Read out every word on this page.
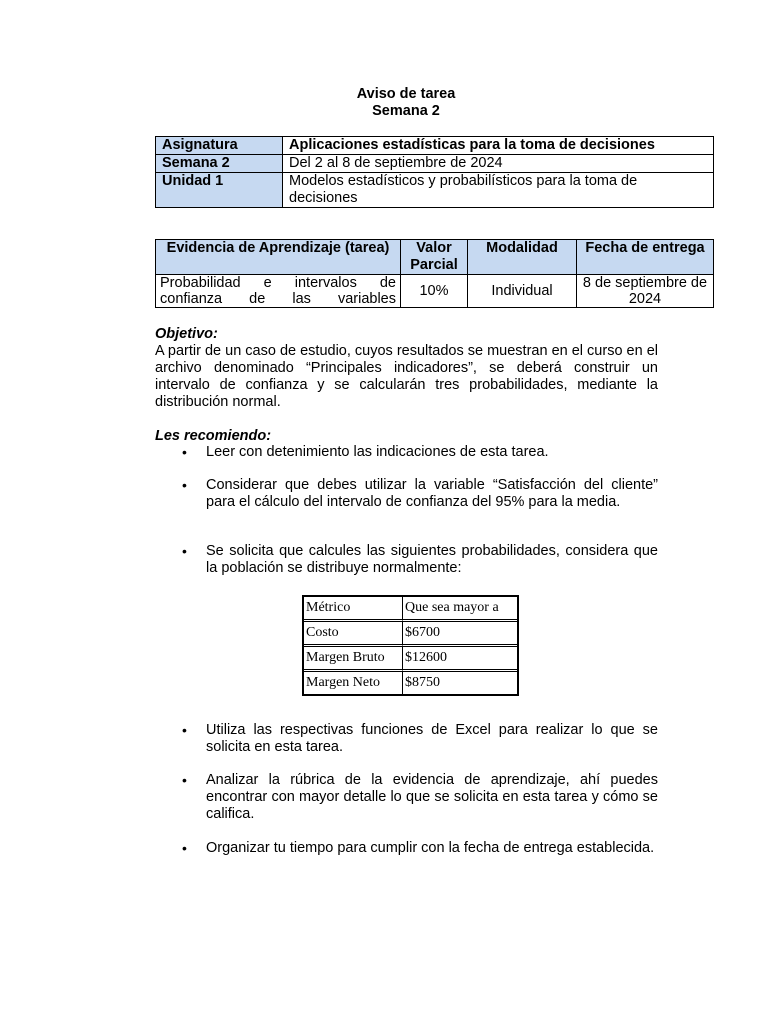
Aviso de tarea
Semana 2
Asignatura	Aplicaciones estadísticas para la toma de decisiones
Semana 2	Del 2 al 8 de septiembre de 2024
Unidad 1	Modelos estadísticos y probabilísticos para la toma de decisiones
Evidencia de Aprendizaje (tarea)	Valor Parcial	Modalidad	Fecha de entrega
Probabilidad e intervalos de confianza de las variables	10%	Individual	8 de septiembre de 2024
Objetivo:
A partir de un caso de estudio, cuyos resultados se muestran en el curso en el archivo denominado “Principales indicadores”, se deberá construir un intervalo de confianza y se calcularán tres probabilidades, mediante la distribución normal.
Les recomiendo:
• Leer con detenimiento las indicaciones de esta tarea.
• Considerar que debes utilizar la variable “Satisfacción del cliente” para el cálculo del intervalo de confianza del 95% para la media.
• Se solicita que calcules las siguientes probabilidades, considera que la población se distribuye normalmente:
Métrico	Que sea mayor a
Costo	$6700
Margen Bruto	$12600
Margen Neto	$8750
• Utiliza las respectivas funciones de Excel para realizar lo que se solicita en esta tarea.
• Analizar la rúbrica de la evidencia de aprendizaje, ahí puedes encontrar con mayor detalle lo que se solicita en esta tarea y cómo se califica.
• Organizar tu tiempo para cumplir con la fecha de entrega establecida.
